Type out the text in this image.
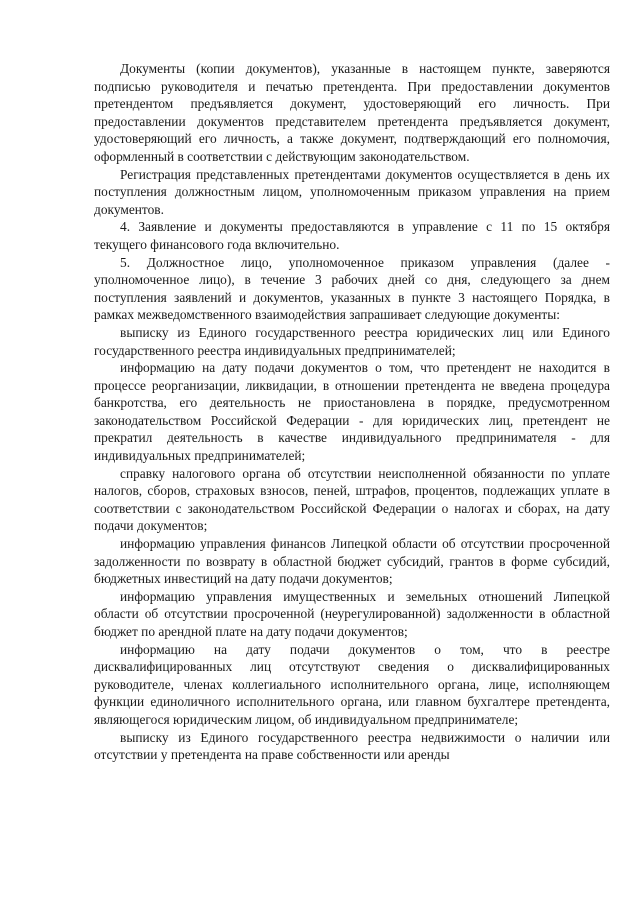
Документы (копии документов), указанные в настоящем пункте, заверяются подписью руководителя и печатью претендента. При предоставлении документов претендентом предъявляется документ, удостоверяющий его личность. При предоставлении документов представителем претендента предъявляется документ, удостоверяющий его личность, а также документ, подтверждающий его полномочия, оформленный в соответствии с действующим законодательством.

Регистрация представленных претендентами документов осуществляется в день их поступления должностным лицом, уполномоченным приказом управления на прием документов.

4. Заявление и документы предоставляются в управление с 11 по 15 октября текущего финансового года включительно.

5. Должностное лицо, уполномоченное приказом управления (далее - уполномоченное лицо), в течение 3 рабочих дней со дня, следующего за днем поступления заявлений и документов, указанных в пункте 3 настоящего Порядка, в рамках межведомственного взаимодействия запрашивает следующие документы:

выписку из Единого государственного реестра юридических лиц или Единого государственного реестра индивидуальных предпринимателей;

информацию на дату подачи документов о том, что претендент не находится в процессе реорганизации, ликвидации, в отношении претендента не введена процедура банкротства, его деятельность не приостановлена в порядке, предусмотренном законодательством Российской Федерации - для юридических лиц, претендент не прекратил деятельность в качестве индивидуального предпринимателя - для индивидуальных предпринимателей;

справку налогового органа об отсутствии неисполненной обязанности по уплате налогов, сборов, страховых взносов, пеней, штрафов, процентов, подлежащих уплате в соответствии с законодательством Российской Федерации о налогах и сборах, на дату подачи документов;

информацию управления финансов Липецкой области об отсутствии просроченной задолженности по возврату в областной бюджет субсидий, грантов в форме субсидий, бюджетных инвестиций на дату подачи документов;

информацию управления имущественных и земельных отношений Липецкой области об отсутствии просроченной (неурегулированной) задолженности в областной бюджет по арендной плате на дату подачи документов;

информацию на дату подачи документов о том, что в реестре дисквалифицированных лиц отсутствуют сведения о дисквалифицированных руководителе, членах коллегиального исполнительного органа, лице, исполняющем функции единоличного исполнительного органа, или главном бухгалтере претендента, являющегося юридическим лицом, об индивидуальном предпринимателе;

выписку из Единого государственного реестра недвижимости о наличии или отсутствии у претендента на праве собственности или аренды
